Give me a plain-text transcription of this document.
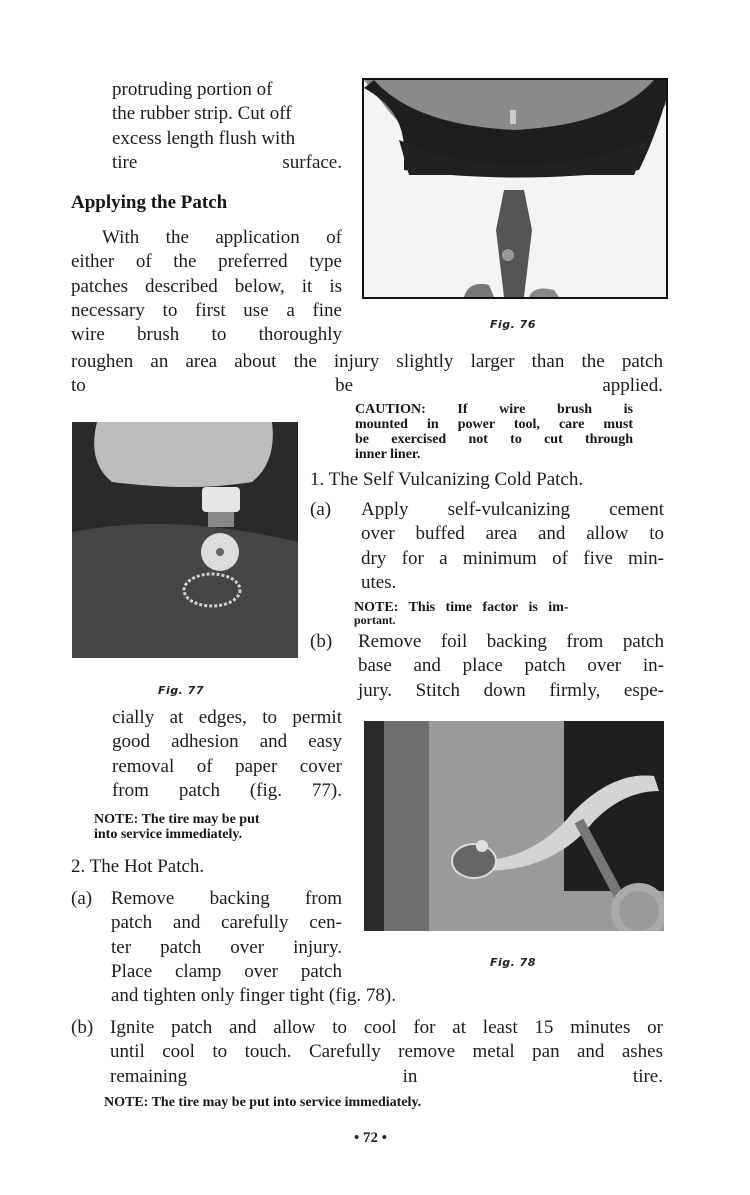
protruding portion of
the rubber strip. Cut off
excess length flush with
tire surface.
Applying the Patch
With the application of
either of the preferred type
patches described below, it is
necessary to first use a fine
wire brush to thoroughly
roughen an area about the injury slightly larger than the patch
to be applied.
Fig. 76
CAUTION: If wire brush is
mounted in power tool, care must
be exercised not to cut through
inner liner.
Fig. 77
1. The Self Vulcanizing Cold Patch.
(a) Apply self-vulcanizing cement
over buffed area and allow to
dry for a minimum of five min-
utes.
NOTE: This time factor is im-
portant.
(b) Remove foil backing from patch
base and place patch over in-
jury. Stitch down firmly, espe-
cially at edges, to permit
good adhesion and easy
removal of paper cover
from patch (fig. 77).
NOTE: The tire may be put
into service immediately.
Fig. 78
2. The Hot Patch.
(a) Remove backing from
patch and carefully cen-
ter patch over injury.
Place clamp over patch
and tighten only finger tight (fig. 78).
(b) Ignite patch and allow to cool for at least 15 minutes or
until cool to touch. Carefully remove metal pan and ashes
remaining in tire.
NOTE: The tire may be put into service immediately.
• 72 •
